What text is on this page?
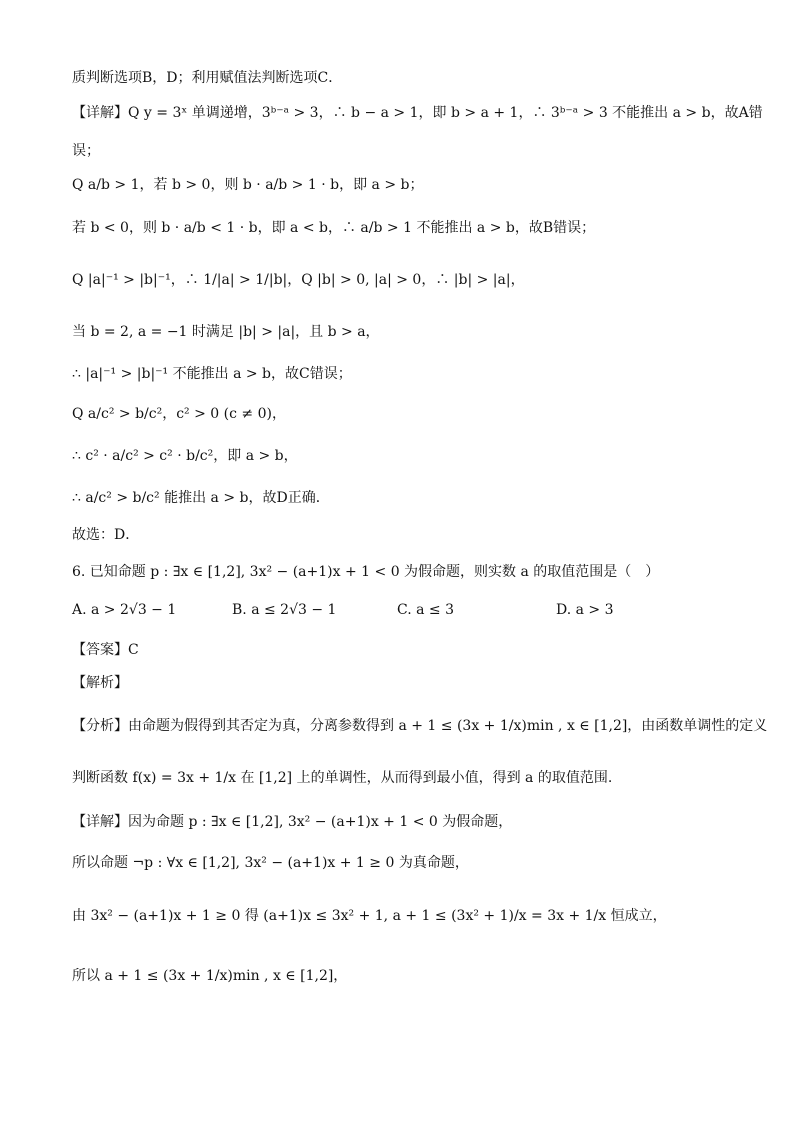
质判断选项B，D；利用赋值法判断选项C．
【详解】Q y = 3ˣ 单调递增，3ᵇ⁻ᵃ > 3，∴ b − a > 1，即 b > a + 1，∴ 3ᵇ⁻ᵃ > 3 不能推出 a > b，故A错
误；
Q a/b > 1，若 b > 0，则 b · a/b > 1 · b，即 a > b；
若 b < 0，则 b · a/b < 1 · b，即 a < b，∴ a/b > 1 不能推出 a > b，故B错误；
Q |a|⁻¹ > |b|⁻¹，∴ 1/|a| > 1/|b|，Q |b| > 0, |a| > 0，∴ |b| > |a|，
当 b = 2, a = −1 时满足 |b| > |a|，且 b > a，
∴ |a|⁻¹ > |b|⁻¹ 不能推出 a > b，故C错误；
Q a/c² > b/c²，c² > 0 (c ≠ 0)，
∴ c² · a/c² > c² · b/c²，即 a > b，
∴ a/c² > b/c² 能推出 a > b，故D正确．
故选：D．
6. 已知命题 p : ∃x ∈ [1,2], 3x² − (a+1)x + 1 < 0 为假命题，则实数 a 的取值范围是（　）
【答案】C
【解析】
【分析】由命题为假得到其否定为真，分离参数得到 a + 1 ≤ (3x + 1/x)min , x ∈ [1,2]，由函数单调性的定义
判断函数 f(x) = 3x + 1/x 在 [1,2] 上的单调性，从而得到最小值，得到 a 的取值范围.
【详解】因为命题 p : ∃x ∈ [1,2], 3x² − (a+1)x + 1 < 0 为假命题，
所以命题 ¬p : ∀x ∈ [1,2], 3x² − (a+1)x + 1 ≥ 0 为真命题，
由 3x² − (a+1)x + 1 ≥ 0 得 (a+1)x ≤ 3x² + 1, a + 1 ≤ (3x² + 1)/x = 3x + 1/x 恒成立，
所以 a + 1 ≤ (3x + 1/x)min , x ∈ [1,2]，
A. a > 2√3 − 1	B. a ≤ 2√3 − 1	C. a ≤ 3	D. a > 3
